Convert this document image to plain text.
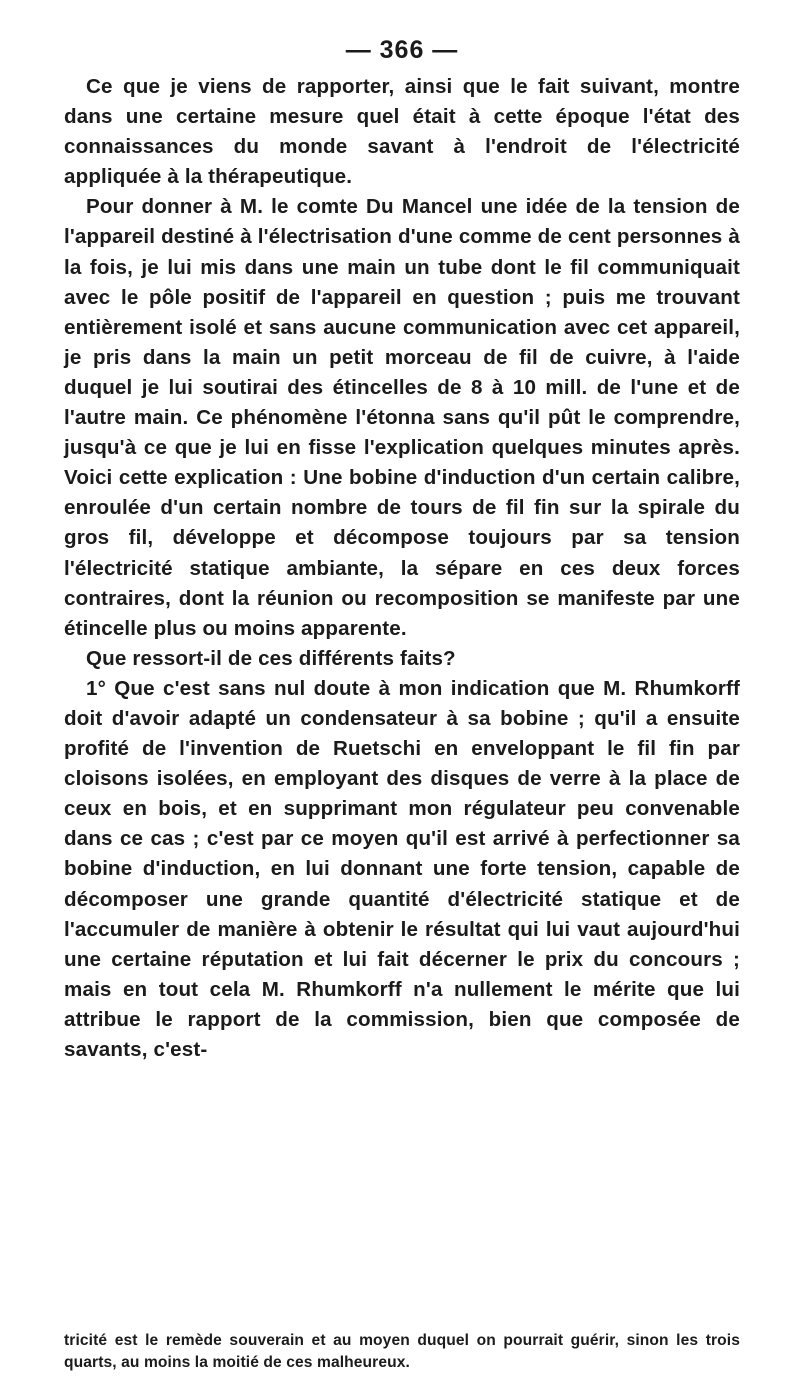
— 366 —

Ce que je viens de rapporter, ainsi que le fait suivant, montre dans une certaine mesure quel était à cette époque l'état des connaissances du monde savant à l'endroit de l'électricité appliquée à la thérapeutique.

Pour donner à M. le comte Du Mancel une idée de la tension de l'appareil destiné à l'électrisation d'une comme de cent personnes à la fois, je lui mis dans une main un tube dont le fil communiquait avec le pôle positif de l'appareil en question ; puis me trouvant entièrement isolé et sans aucune communication avec cet appareil, je pris dans la main un petit morceau de fil de cuivre, à l'aide duquel je lui soutirai des étincelles de 8 à 10 mill. de l'une et de l'autre main. Ce phénomène l'étonna sans qu'il pût le comprendre, jusqu'à ce que je lui en fisse l'explication quelques minutes après. Voici cette explication : Une bobine d'induction d'un certain calibre, enroulée d'un certain nombre de tours de fil fin sur la spirale du gros fil, développe et décompose toujours par sa tension l'électricité statique ambiante, la sépare en ces deux forces contraires, dont la réunion ou recomposition se manifeste par une étincelle plus ou moins apparente.

Que ressort-il de ces différents faits?

1° Que c'est sans nul doute à mon indication que M. Rhumkorff doit d'avoir adapté un condensateur à sa bobine ; qu'il a ensuite profité de l'invention de Ruetschi en enveloppant le fil fin par cloisons isolées, en employant des disques de verre à la place de ceux en bois, et en supprimant mon régulateur peu convenable dans ce cas ; c'est par ce moyen qu'il est arrivé à perfectionner sa bobine d'induction, en lui donnant une forte tension, capable de décomposer une grande quantité d'électricité statique et de l'accumuler de manière à obtenir le résultat qui lui vaut aujourd'hui une certaine réputation et lui fait décerner le prix du concours ; mais en tout cela M. Rhumkorff n'a nullement le mérite que lui attribue le rapport de la commission, bien que composée de savants, c'est-

tricité est le remède souverain et au moyen duquel on pourrait guérir, sinon les trois quarts, au moins la moitié de ces malheureux.
